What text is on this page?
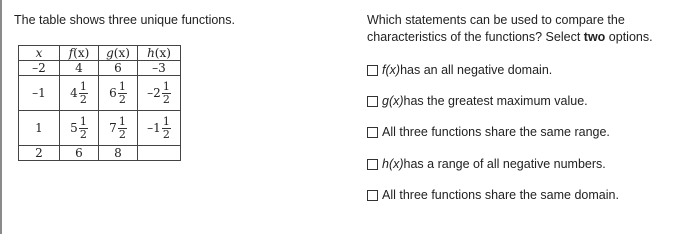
The table shows three unique functions.

x	f(x)	g(x)	h(x)
–2	4	6	–3
–1	$4 \frac{1}{2}$	$6 \frac{1}{2}$	$-2 \frac{1}{2}$

1	$5 \frac{1}{2}$	$7 \frac{1}{2}$	$-1 \frac{1}{2}$

2	6	8	

Which statements can be used to compare the characteristics of the functions? Select two options.

f(x) has an all negative domain.
g(x) has the greatest maximum value.
All three functions share the same range.
h(x) has a range of all negative numbers.
All three functions share the same domain.
